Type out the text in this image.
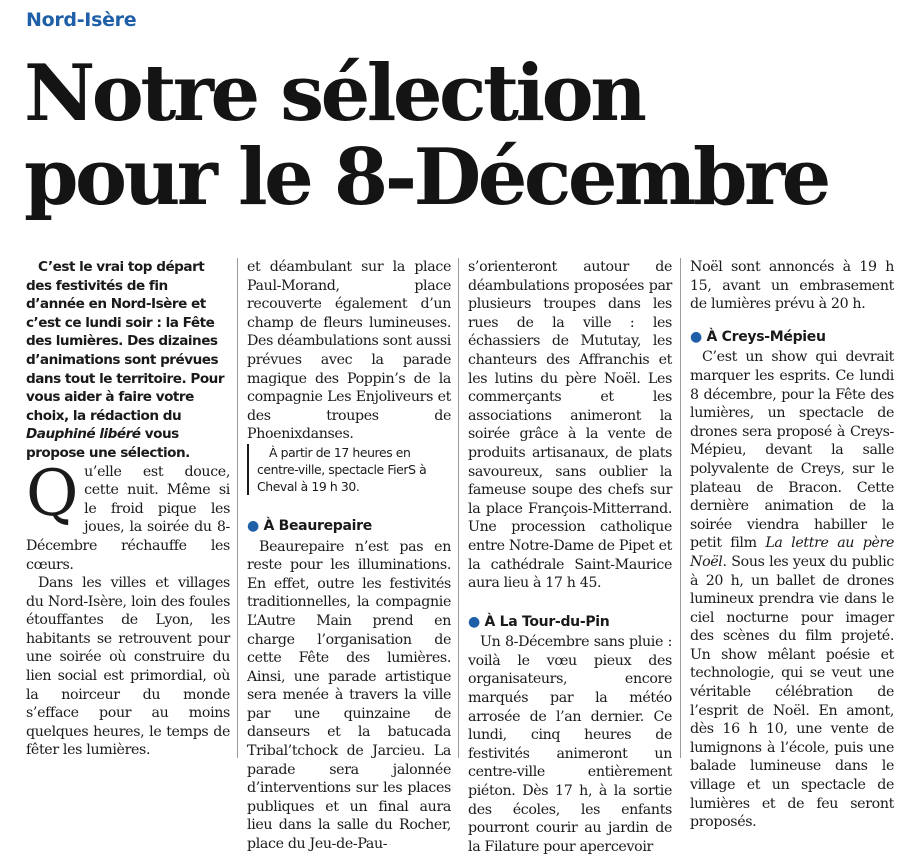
Nord-Isère
Notre sélection
pour le 8-Décembre

C’est le vrai top départ des festivités de fin d’année en Nord-Isère et c’est ce lundi soir : la Fête des lumières. Des dizaines d’animations sont prévues dans tout le territoire. Pour vous aider à faire votre choix, la rédaction du Dauphiné libéré vous propose une sélection.

Qu’elle est douce, cette nuit. Même si le froid pique les joues, la soirée du 8-Décembre réchauffe les cœurs.

Dans les villes et villages du Nord-Isère, loin des foules étouffantes de Lyon, les habitants se retrouvent pour une soirée où construire du lien social est primordial, où la noirceur du monde s’efface pour au moins quelques heures, le temps de fêter les lumières.

et déambulant sur la place Paul-Morand, place recouverte également d’un champ de fleurs lumineuses. Des déambulations sont aussi prévues avec la parade magique des Poppin’s de la compagnie Les Enjoliveurs et des troupes de Phoenixdanses.

À partir de 17 heures en centre-ville, spectacle FierS à Cheval à 19 h 30.

● À Beaurepaire

Beaurepaire n’est pas en reste pour les illuminations. En effet, outre les festivités traditionnelles, la compagnie L’Autre Main prend en charge l’organisation de cette Fête des lumières. Ainsi, une parade artistique sera menée à travers la ville par une quinzaine de danseurs et la batucada Tribal’tchock de Jarcieu. La parade sera jalonnée d’interventions sur les places publiques et un final aura lieu dans la salle du Rocher, place du Jeu-de-Pau-

s’orienteront autour de déambulations proposées par plusieurs troupes dans les rues de la ville : les échassiers de Mututay, les chanteurs des Affranchis et les lutins du père Noël. Les commerçants et les associations animeront la soirée grâce à la vente de produits artisanaux, de plats savoureux, sans oublier la fameuse soupe des chefs sur la place François-Mitterrand. Une procession catholique entre Notre-Dame de Pipet et la cathédrale Saint-Maurice aura lieu à 17 h 45.

● À La Tour-du-Pin

Un 8-Décembre sans pluie : voilà le vœu pieux des organisateurs, encore marqués par la météo arrosée de l’an dernier. Ce lundi, cinq heures de festivités animeront un centre-ville entièrement piéton. Dès 17 h, à la sortie des écoles, les enfants pourront courir au jardin de la Filature pour apercevoir

Noël sont annoncés à 19 h 15, avant un embrasement de lumières prévu à 20 h.

● À Creys-Mépieu

C’est un show qui devrait marquer les esprits. Ce lundi 8 décembre, pour la Fête des lumières, un spectacle de drones sera proposé à Creys-Mépieu, devant la salle polyvalente de Creys, sur le plateau de Bracon. Cette dernière animation de la soirée viendra habiller le petit film La lettre au père Noël. Sous les yeux du public à 20 h, un ballet de drones lumineux prendra vie dans le ciel nocturne pour imager des scènes du film projeté. Un show mêlant poésie et technologie, qui se veut une véritable célébration de l’esprit de Noël. En amont, dès 16 h 10, une vente de lumignons à l’école, puis une balade lumineuse dans le village et un spectacle de lumières et de feu seront proposés.
